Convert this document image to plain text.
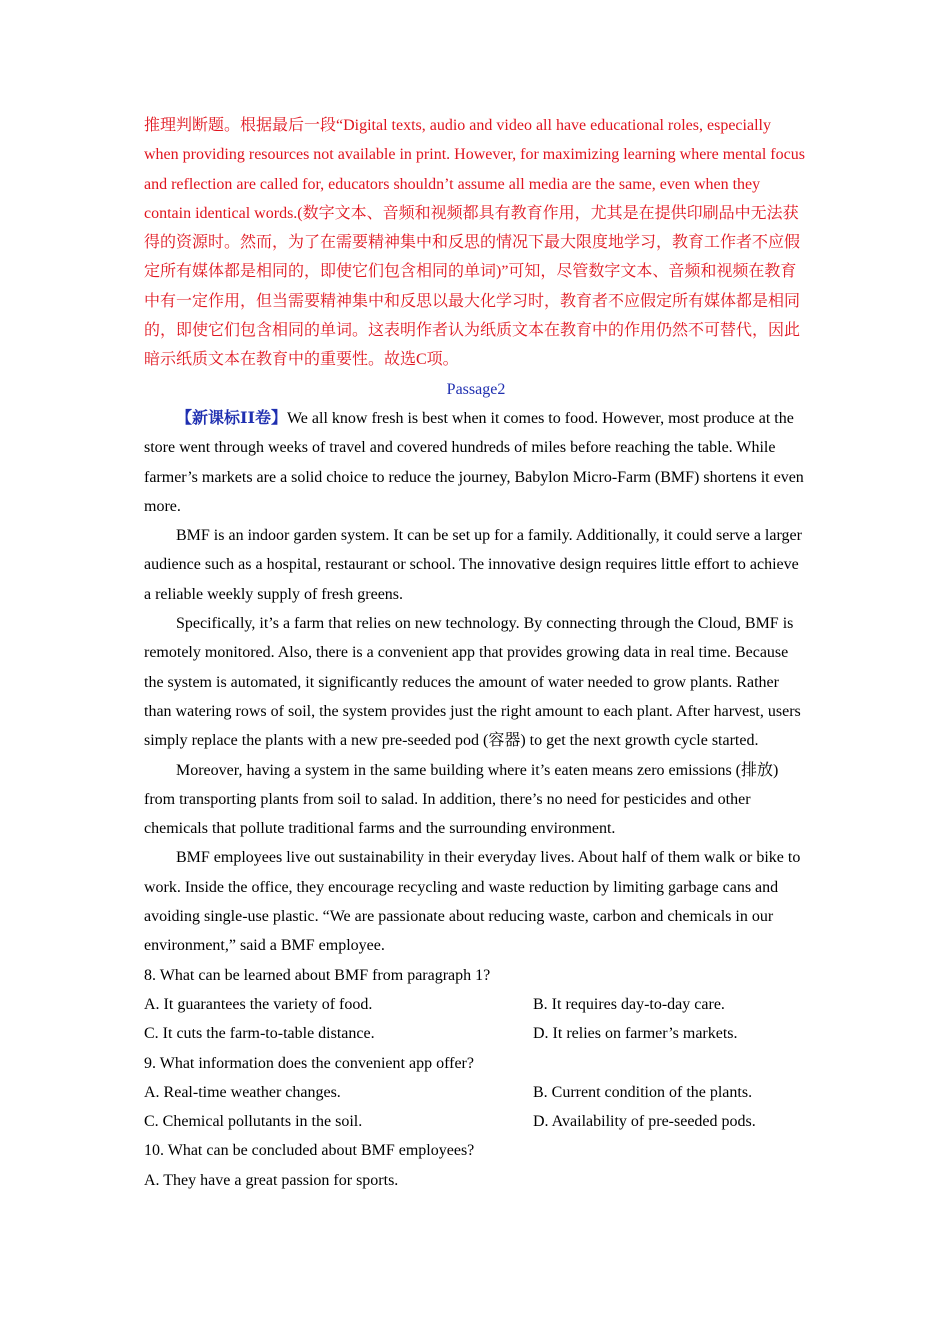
推理判断题。根据最后一段“Digital texts, audio and video all have educational roles, especially when providing resources not available in print. However, for maximizing learning where mental focus and reflection are called for, educators shouldn’t assume all media are the same, even when they contain identical words.(数字文本、音频和视频都具有教育作用，尤其是在提供印刷品中无法获得的资源时。然而，为了在需要精神集中和反思的情况下最大限度地学习，教育工作者不应假定所有媒体都是相同的，即使它们包含相同的单词)”可知，尽管数字文本、音频和视频在教育中有一定作用，但当需要精神集中和反思以最大化学习时，教育者不应假定所有媒体都是相同的，即使它们包含相同的单词。这表明作者认为纸质文本在教育中的作用仍然不可替代，因此暗示纸质文本在教育中的重要性。故选C项。

Passage2

【新课标ⅠⅠ卷】We all know fresh is best when it comes to food. However, most produce at the store went through weeks of travel and covered hundreds of miles before reaching the table. While farmer’s markets are a solid choice to reduce the journey, Babylon Micro-Farm (BMF) shortens it even more.

BMF is an indoor garden system. It can be set up for a family. Additionally, it could serve a larger audience such as a hospital, restaurant or school. The innovative design requires little effort to achieve a reliable weekly supply of fresh greens.

Specifically, it’s a farm that relies on new technology. By connecting through the Cloud, BMF is remotely monitored. Also, there is a convenient app that provides growing data in real time. Because the system is automated, it significantly reduces the amount of water needed to grow plants. Rather than watering rows of soil, the system provides just the right amount to each plant. After harvest, users simply replace the plants with a new pre-seeded pod (容器) to get the next growth cycle started.

Moreover, having a system in the same building where it’s eaten means zero emissions (排放) from transporting plants from soil to salad. In addition, there’s no need for pesticides and other chemicals that pollute traditional farms and the surrounding environment.

BMF employees live out sustainability in their everyday lives. About half of them walk or bike to work. Inside the office, they encourage recycling and waste reduction by limiting garbage cans and avoiding single-use plastic. “We are passionate about reducing waste, carbon and chemicals in our environment,” said a BMF employee.

8. What can be learned about BMF from paragraph 1?

A. It guarantees the variety of food.	B. It requires day-to-day care.
C. It cuts the farm-to-table distance.	D. It relies on farmer’s markets.

9. What information does the convenient app offer?

A. Real-time weather changes.	B. Current condition of the plants.
C. Chemical pollutants in the soil.	D. Availability of pre-seeded pods.

10. What can be concluded about BMF employees?

A. They have a great passion for sports.
